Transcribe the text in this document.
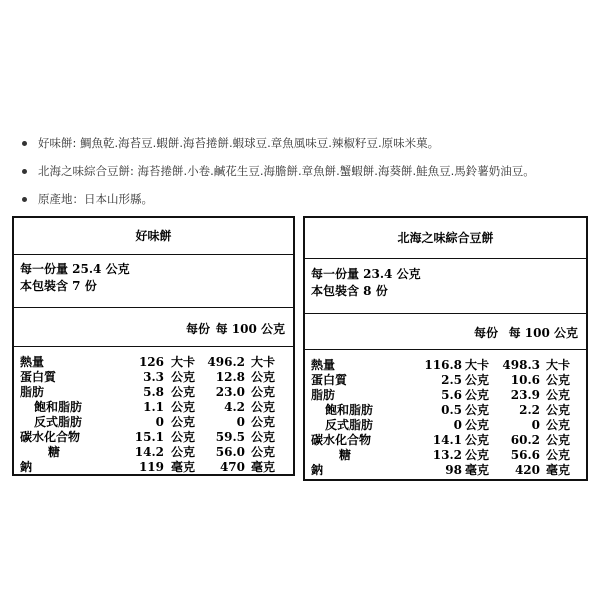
好味餅: 鯛魚乾.海苔豆.蝦餅.海苔捲餅.蝦球豆.章魚風味豆.辣椒籽豆.原味米菓。
北海之味綜合豆餅: 海苔捲餅.小卷.鹹花生豆.海膽餅.章魚餅.蟹蝦餅.海葵餅.鮭魚豆.馬鈴薯奶油豆。
原產地：日本山形縣。
好味餅
每一份量 25.4 公克
本包裝含 7 份
每份 每 100 公克
熱量	126 大卡	496.2 大卡
蛋白質	3.3 公克	12.8 公克
脂肪	5.8 公克	23.0 公克
飽和脂肪	1.1 公克	4.2 公克
反式脂肪	0 公克	0 公克
碳水化合物	15.1 公克	59.5 公克
糖	14.2 公克	56.0 公克
鈉	119 毫克	470 毫克
北海之味綜合豆餅
每一份量 23.4 公克
本包裝含 8 份
每份 每 100 公克
熱量	116.8 大卡	498.3 大卡
蛋白質	2.5 公克	10.6 公克
脂肪	5.6 公克	23.9 公克
飽和脂肪	0.5 公克	2.2 公克
反式脂肪	0 公克	0 公克
碳水化合物	14.1 公克	60.2 公克
糖	13.2 公克	56.6 公克
鈉	98 毫克	420 毫克
